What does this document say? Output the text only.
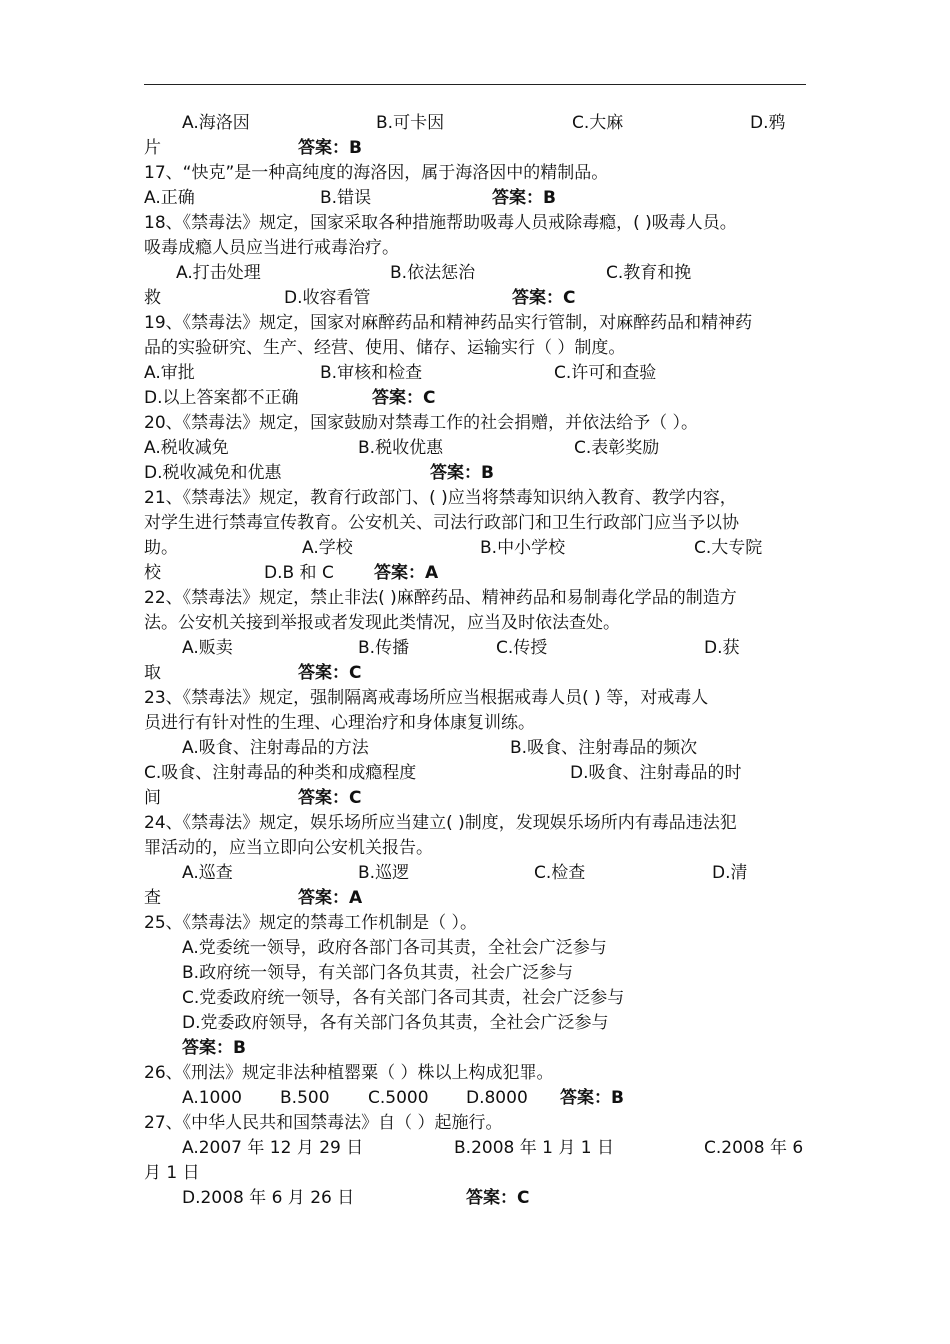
A.海洛因	B.可卡因	C.大麻	D.鸦
片	答案：B
17、“快克”是一种高纯度的海洛因，属于海洛因中的精制品。
A.正确	B.错误	答案：B
18、《禁毒法》规定，国家采取各种措施帮助吸毒人员戒除毒瘾，( )吸毒人员。
吸毒成瘾人员应当进行戒毒治疗。
A.打击处理	B.依法惩治	C.教育和挽
救	D.收容看管	答案：C
19、《禁毒法》规定，国家对麻醉药品和精神药品实行管制，对麻醉药品和精神药
品的实验研究、生产、经营、使用、储存、运输实行（ ）制度。
A.审批	B.审核和检查	C.许可和查验
D.以上答案都不正确	答案：C
20、《禁毒法》规定，国家鼓励对禁毒工作的社会捐赠，并依法给予（ ）。
A.税收减免	B.税收优惠	C.表彰奖励
D.税收减免和优惠	答案：B
21、《禁毒法》规定，教育行政部门、( )应当将禁毒知识纳入教育、教学内容，
对学生进行禁毒宣传教育。公安机关、司法行政部门和卫生行政部门应当予以协
助。	A.学校	B.中小学校	C.大专院
校	D.B 和 C 答案：A
22、《禁毒法》规定，禁止非法( )麻醉药品、精神药品和易制毒化学品的制造方
法。公安机关接到举报或者发现此类情况，应当及时依法查处。
A.贩卖	B.传播	C.传授	D.获
取	答案：C
23、《禁毒法》规定，强制隔离戒毒场所应当根据戒毒人员( ) 等，对戒毒人
员进行有针对性的生理、心理治疗和身体康复训练。
A.吸食、注射毒品的方法	B.吸食、注射毒品的频次
C.吸食、注射毒品的种类和成瘾程度	D.吸食、注射毒品的时
间	答案：C
24、《禁毒法》规定，娱乐场所应当建立( )制度，发现娱乐场所内有毒品违法犯
罪活动的，应当立即向公安机关报告。
A.巡查	B.巡逻	C.检查	D.清
查	答案：A
25、《禁毒法》规定的禁毒工作机制是（ ）。
A.党委统一领导，政府各部门各司其责，全社会广泛参与
B.政府统一领导，有关部门各负其责，社会广泛参与
C.党委政府统一领导，各有关部门各司其责，社会广泛参与
D.党委政府领导，各有关部门各负其责，全社会广泛参与
答案：B
26、《刑法》规定非法种植罂粟（ ）株以上构成犯罪。
A.1000 B.500 C.5000 D.8000 答案：B
27、《中华人民共和国禁毒法》自（ ）起施行。
A.2007 年 12 月 29 日	B.2008 年 1 月 1 日	C.2008 年 6
月 1 日
D.2008 年 6 月 26 日	答案：C
